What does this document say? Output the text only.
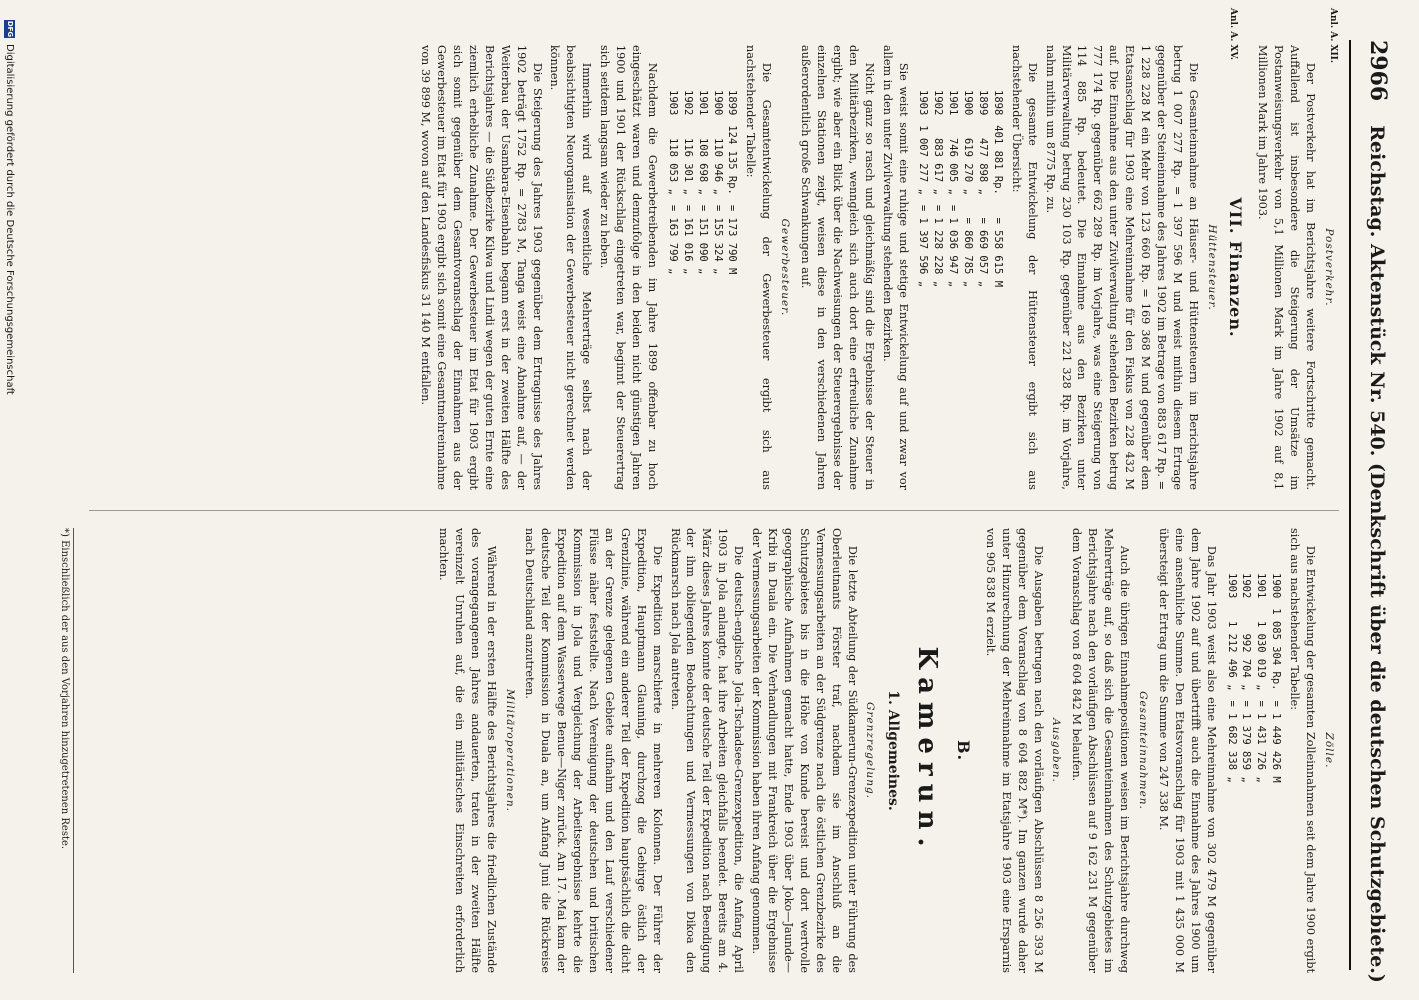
2966
Reichstag. Aktenstück Nr. 540. (Denkschrift über die deutschen Schutzgebiete.)
Anl. A. XII.
Anl. A. XV.
Postverkehr.

Der Postverkehr hat im Berichtsjahre weitere Fortschritte gemacht. Auffallend ist insbesondere die Steigerung der Umsätze im Postanweisungsverkehr von 5,1 Millionen Mark im Jahre 1902 auf 8,1 Millionen Mark im Jahre 1903.

VII. Finanzen.
Hüttensteuer.

Die Gesamteinnahme an Häuser- und Hüttensteuern im Berichtsjahre betrug 1 007 277 Rp. = 1 397 596 M und weist mithin diesem Ertrage gegenüber der Steineinnahme des Jahres 1902 im Betrage von 883 617 Rp. = 1 228 228 M ein Mehr von 123 660 Rp. = 169 368 M und gegenüber dem Etatsanschlag für 1903 eine Mehreinnahme für den Fiskus von 228 432 M auf. Die Einnahme aus den unter Zivilverwaltung stehenden Bezirken betrug 777 174 Rp. gegenüber 662 289 Rp. im Vorjahre, was eine Steigerung von 114 885 Rp. bedeutet. Die Einnahme aus den Bezirken unter Militärverwaltung betrug 230 103 Rp. gegenüber 221 328 Rp. im Vorjahre, nahm mithin um 8775 Rp. zu.

Die gesamte Entwickelung der Hüttensteuer ergibt sich aus nachstehender Übersicht:

1898	401 881 Rp.	= 558 615 M
1899	477 898 „	= 669 057 „
1900	619 270 „	= 860 785 „
1901	746 005 „	= 1 036 947 „
1902	883 617 „	= 1 228 228 „
1903	1 007 277 „	= 1 397 596 „

Sie weist somit eine ruhige und stetige Entwickelung auf und zwar vor allem in den unter Zivilverwaltung stehenden Bezirken.

Nicht ganz so rasch und gleichmäßig sind die Ergebnisse der Steuer in den Militärbezirken, wenngleich sich auch dort eine erfreuliche Zunahme ergibt; wie aber ein Blick über die Nachweisungen der Steuerergebnisse der einzelnen Stationen zeigt, weisen diese in den verschiedenen Jahren außerordentlich große Schwankungen auf.

Gewerbesteuer.

Die Gesamtentwickelung der Gewerbesteuer ergibt sich aus nachstehender Tabelle:

1899	124 135 Rp.	= 173 790 M
1900	110 946 „	= 155 324 „
1901	108 698 „	= 151 090 „
1902	116 301 „	= 161 016 „
1903	118 053 „	= 163 799 „

Nachdem die Gewerbetreibenden im Jahre 1899 offenbar zu hoch eingeschätzt waren und demzufolge in den beiden nicht günstigen Jahren 1900 und 1901 der Rückschlag eingetreten war, beginnt der Steuerertrag sich seitdem langsam wieder zu heben.

Immerhin wird auf wesentliche Mehrerträge selbst nach der beabsichtigten Neuorganisation der Gewerbesteuer nicht gerechnet werden können.

Die Steigerung des Jahres 1903 gegenüber dem Ertragnisse des Jahres 1902 beträgt 1752 Rp. = 2783 M, Tanga weist eine Abnahme auf, — der Weiterbau der Usambara-Eisenbahn begann erst in der zweiten Hälfte des Berichtsjahres — die Südbezirke Kilwa und Lindi wegen der guten Ernte eine ziemlich erhebliche Zunahme. Der Gewerbesteuer im Etat für 1903 ergibt sich somit gegenüber dem Gesamtvoranschlag der Einnahmen aus der Gewerbesteuer im Etat für 1903 ergibt sich somit eine Gesamtmehreinnahme von 39 899 M, wovon auf den Landesfiskus 31 140 M entfallen.

Zölle.

Die Entwickelung der gesamten Zolleinnahmen seit dem Jahre 1900 ergibt sich aus nachstehender Tabelle:

1900	1 085 304 Rp.	= 1 449 426 M
1901	1 030 019 „	= 1 431 726 „
1902	992 704 „	= 1 379 859 „
1903	1 212 496 „	= 1 682 338 „

Das Jahr 1903 weist also eine Mehreinnahme von 302 479 M gegenüber dem Jahre 1902 auf und übertrifft auch die Einnahme des Jahres 1900 um eine ansehnliche Summe. Den Etatsvoranschlag für 1903 mit 1 435 000 M übersteigt der Ertrag um die Summe von 247 338 M.

Gesamteinnahmen.

Auch die übrigen Einnahmepositionen weisen im Berichtsjahre durchweg Mehrerträge auf, so daß sich die Gesamteinnahmen des Schutzgebietes im Berichtsjahre nach den vorläufigen Abschlüssen auf 9 162 231 M gegenüber dem Voranschlag von 8 604 842 M belaufen.

Ausgaben.

Die Ausgaben betrugen nach den vorläufigen Abschlüssen 8 256 393 M gegenüber dem Voranschlag von 8 604 882 M*). Im ganzen wurde daher unter Hinzurechnung der Mehreinnahme im Etatsjahre 1903 eine Ersparnis von 905 838 M erzielt.

B.
Kamerun.
1. Allgemeines.
Grenzregelung.

Die letzte Abteilung der Südkamerun-Grenzexpedition unter Führung des Oberleutnants Förster traf, nachdem sie im Anschluß an die Vermessungsarbeiten an der Südgrenze nach die östlichen Grenzbezirke des Schutzgebietes bis in die Höhe von Kunde bereist und dort wertvolle geographische Aufnahmen gemacht hatte, Ende 1903 über Joko—Jaunde—Kribi in Duala ein. Die Verhandlungen mit Frankreich über die Ergebnisse der Vermessungsarbeiten der Kommission haben ihren Anfang genommen.

Die deutsch-englische Jola-Tschadsee-Grenzexpedition, die Anfang April 1903 in Jola anlangte, hat ihre Arbeiten gleichfalls beendet. Bereits am 4. März dieses Jahres konnte der deutsche Teil der Expedition nach Beendigung der ihm obliegenden Beobachtungen und Vermessungen von Dikoa den Rückmarsch nach Jola antreten.

Die Expedition marschierte in mehreren Kolonnen. Der Führer der Expedition, Hauptmann Glauning, durchzog die Gebirge östlich der Grenzlinie, während ein anderer Teil der Expedition hauptsächlich die dicht an der Grenze gelegenen Gebiete aufnahm und den Lauf verschiedener Flüsse näher feststellte. Nach Vereinigung der deutschen und britischen Kommission in Jola und Vergleichung der Arbeitsergebnisse kehrte die Expedition auf dem Wasserwege Benue—Niger zurück. Am 17. Mai kam der deutsche Teil der Kommission in Duala an, um Anfang Juni die Rückreise nach Deutschland anzutreten.

Militäroperationen.

Während in der ersten Hälfte des Berichtsjahres die friedlichen Zustände des vorangegangenen Jahres andauerten, traten in der zweiten Hälfte vereinzelt Unruhen auf, die ein militärisches Einschreiten erforderlich machten.

*) Einschließlich der aus den Vorjahren hinzugetretenen Reste.
DFG
Digitalisierung gefördert durch die Deutsche Forschungsgemeinschaft
